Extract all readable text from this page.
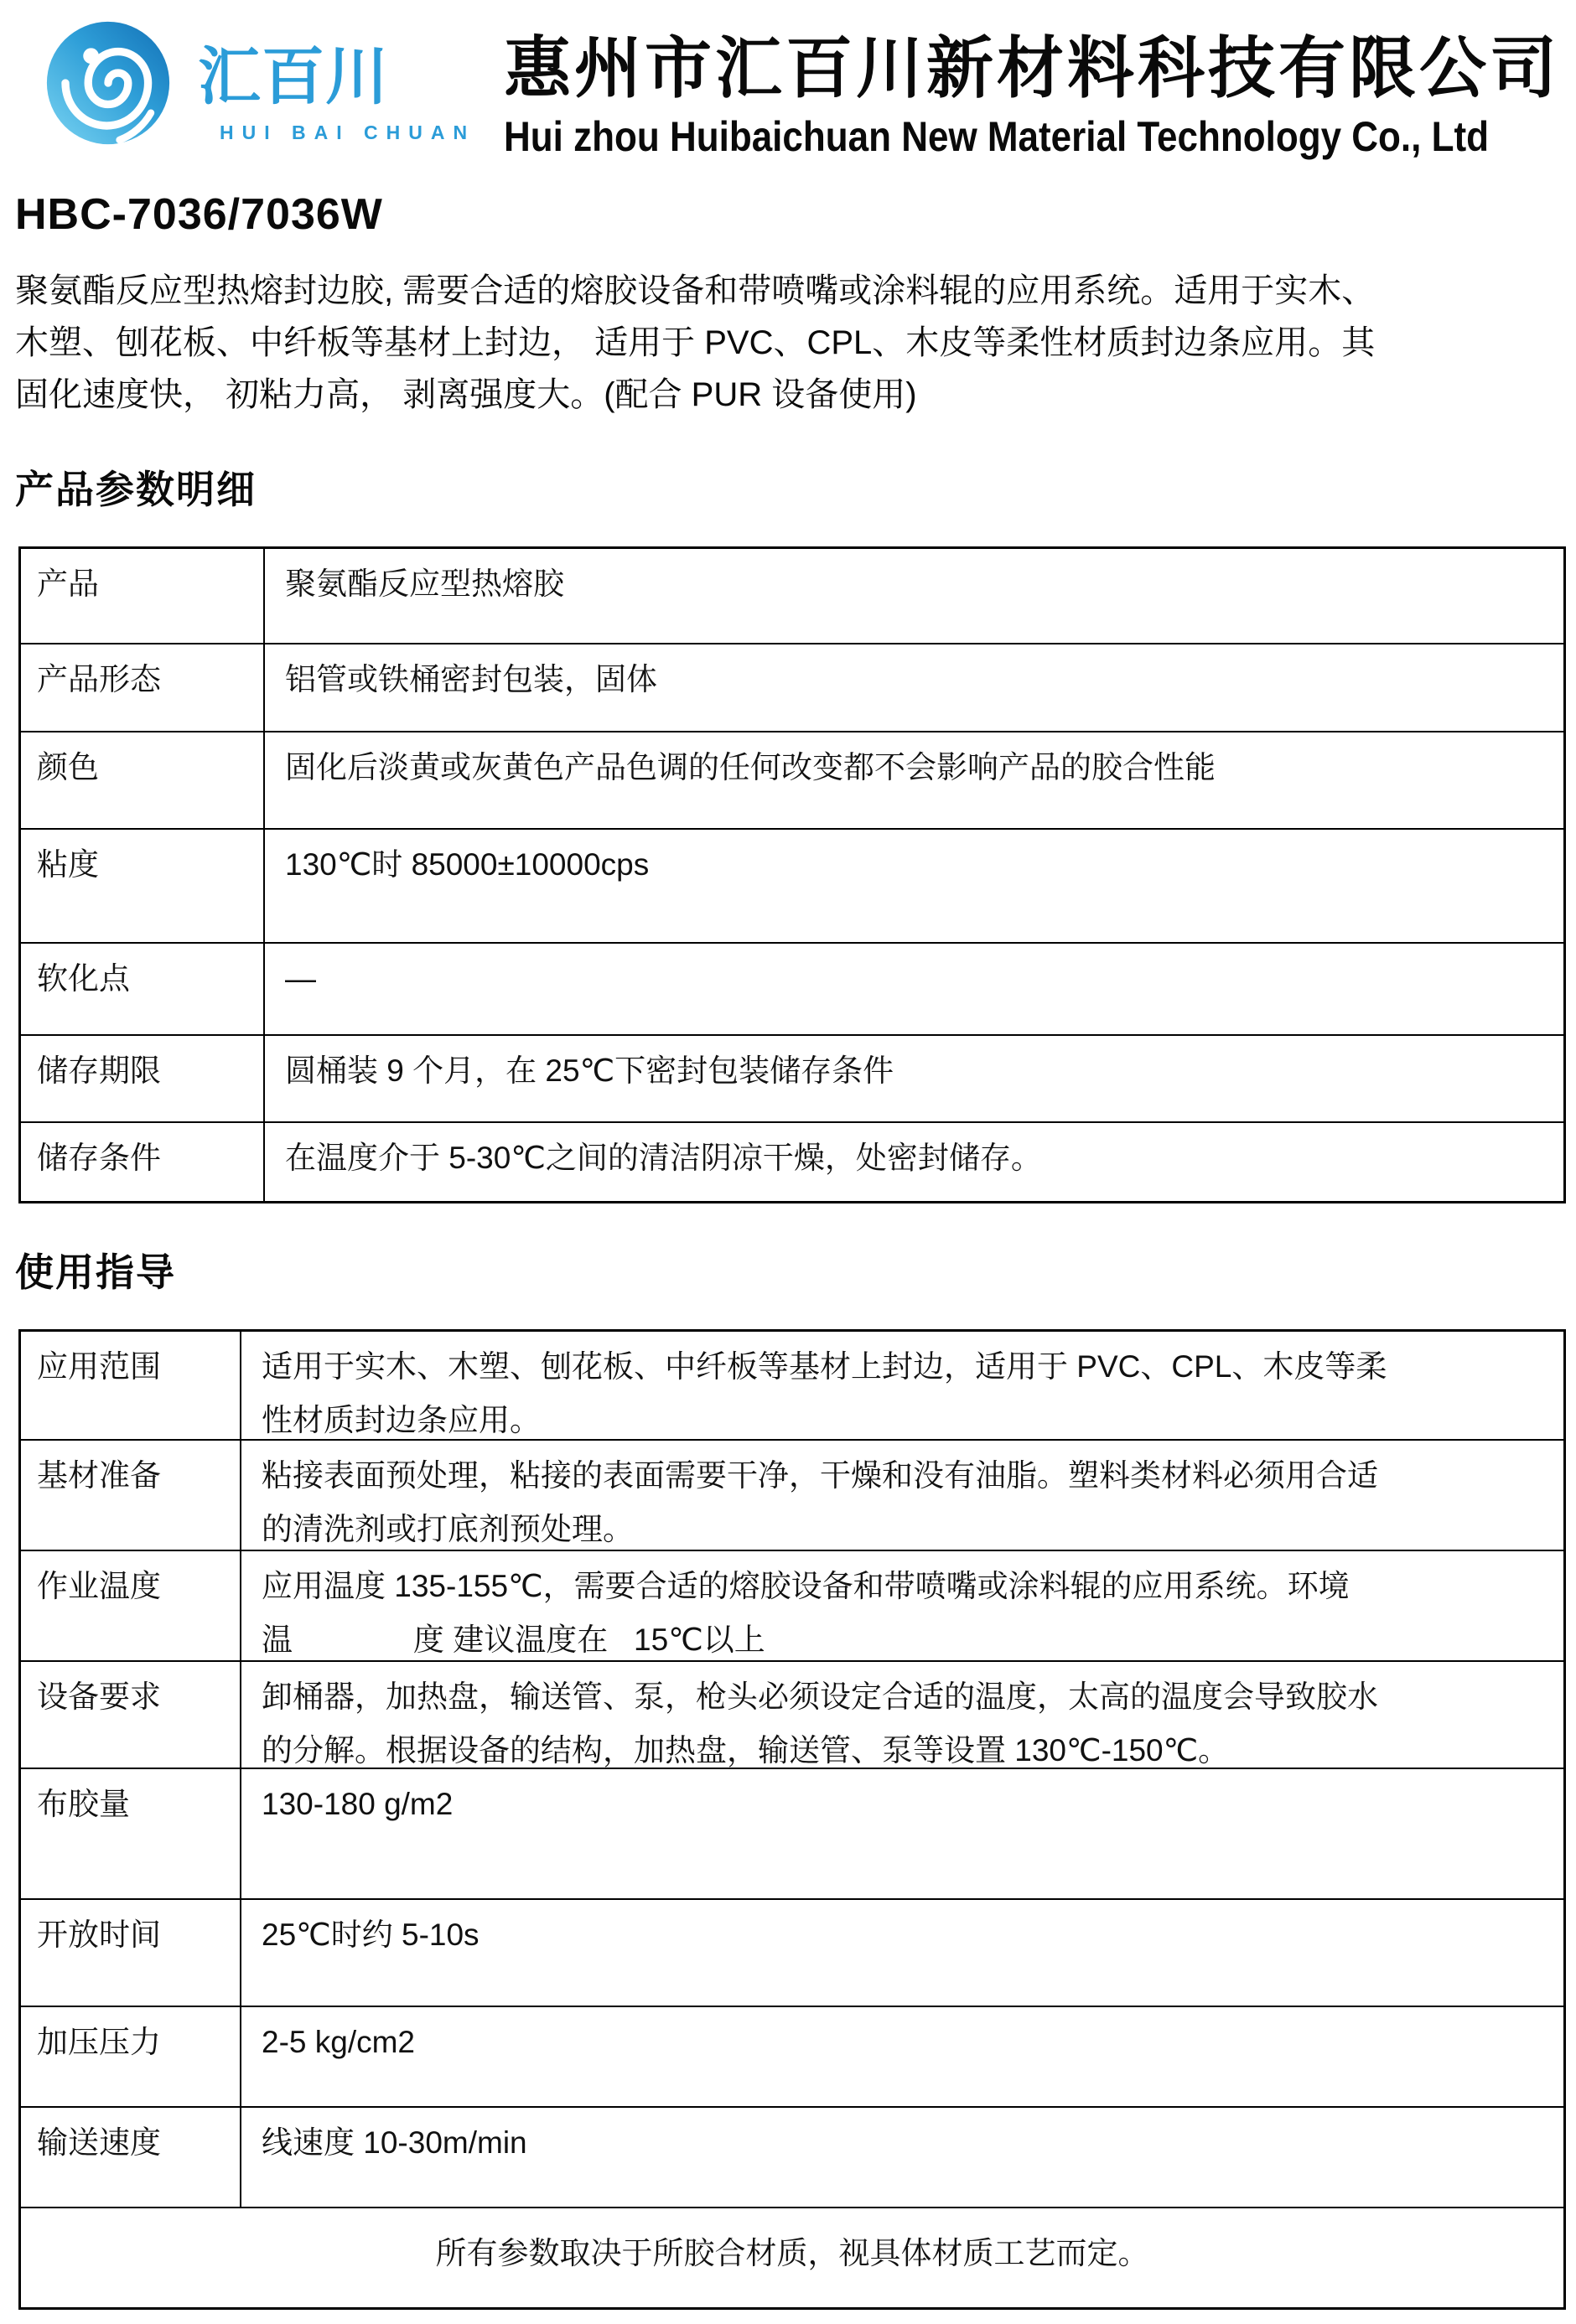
汇百川
HUI BAI CHUAN
惠州市汇百川新材料科技有限公司
Hui zhou Huibaichuan New Material Technology Co., Ltd
HBC-7036/7036W
聚氨酯反应型热熔封边胶, 需要合适的熔胶设备和带喷嘴或涂料辊的应用系统。适用于实木、
木塑、刨花板、中纤板等基材上封边， 适用于 PVC、CPL、木皮等柔性材质封边条应用。其
固化速度快， 初粘力高， 剥离强度大。(配合 PUR 设备使用)
产品参数明细
产品	聚氨酯反应型热熔胶
产品形态	铝管或铁桶密封包装，固体
颜色	固化后淡黄或灰黄色产品色调的任何改变都不会影响产品的胶合性能
粘度	130℃时 85000±10000cps
软化点	—
储存期限	圆桶装 9 个月，在 25℃下密封包装储存条件
储存条件	在温度介于 5-30℃之间的清洁阴凉干燥，处密封储存。
使用指导
应用范围	适用于实木、木塑、刨花板、中纤板等基材上封边，适用于 PVC、CPL、木皮等柔
性材质封边条应用。
基材准备	粘接表面预处理，粘接的表面需要干净，干燥和没有油脂。塑料类材料必须用合适
的清洗剂或打底剂预处理。
作业温度	应用温度 135-155℃，需要合适的熔胶设备和带喷嘴或涂料辊的应用系统。环境
温              度 建议温度在   15℃以上
设备要求	卸桶器，加热盘，输送管、泵，枪头必须设定合适的温度，太高的温度会导致胶水
的分解。根据设备的结构，加热盘，输送管、泵等设置 130℃-150℃。
布胶量	130-180 g/m2
开放时间	25℃时约 5-10s
加压压力	2-5 kg/cm2
输送速度	线速度 10-30m/min
所有参数取决于所胶合材质，视具体材质工艺而定。
